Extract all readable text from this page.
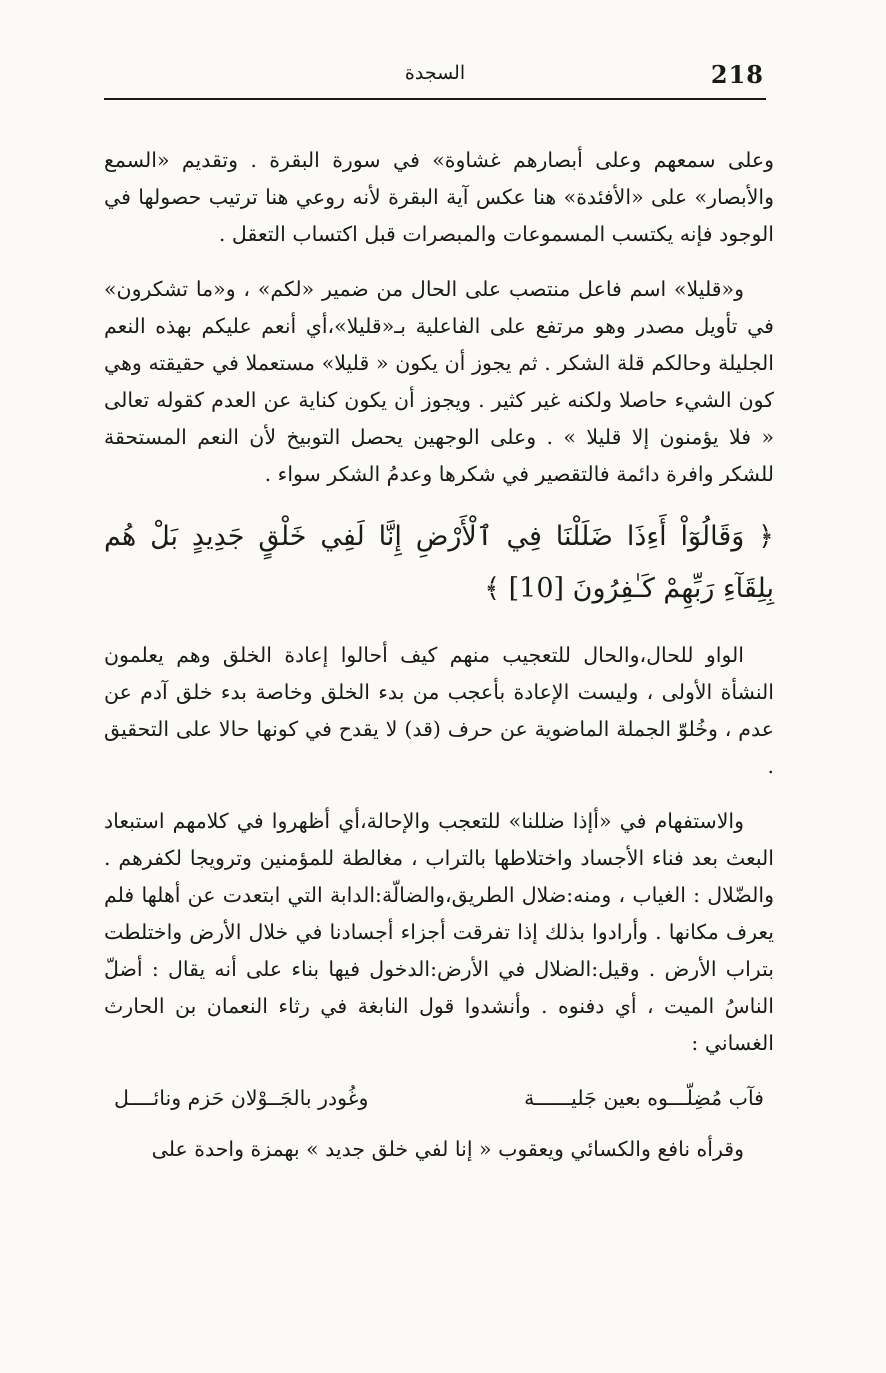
218
السجدة

وعلى سمعهم وعلى أبصارهم غشاوة» في سورة البقرة . وتقديم «السمع والأبصار» على «الأفئدة» هنا عكس آية البقرة لأنه روعي هنا ترتيب حصولها في الوجود فإنه يكتسب المسموعات والمبصرات قبل اكتساب التعقل .

و«قليلا» اسم فاعل منتصب على الحال من ضمير «لكم» ، و«ما تشكرون» في تأويل مصدر وهو مرتفع على الفاعلية بـ«قليلا»،أي أنعم عليكم بهذه النعم الجليلة وحالكم قلة الشكر . ثم يجوز أن يكون « قليلا» مستعملا في حقيقته وهي كون الشيء حاصلا ولكنه غير كثير . ويجوز أن يكون كناية عن العدم كقوله تعالى « فلا يؤمنون إلا قليلا » . وعلى الوجهين يحصل التوبيخ لأن النعم المستحقة للشكر وافرة دائمة فالتقصير في شكرها وعدمُ الشكر سواء .

﴿ وَقَالُوٓاْ أَءِذَا ضَلَلْنَا فِي ٱلْأَرْضِ إِنَّا لَفِي خَلْقٍ جَدِيدٍ بَلْ هُم بِلِقَآءِ رَبِّهِمْ كَـٰفِرُونَ [10] ﴾

الواو للحال،والحال للتعجيب منهم كيف أحالوا إعادة الخلق وهم يعلمون النشأة الأولى ، وليست الإعادة بأعجب من بدء الخلق وخاصة بدء خلق آدم عن عدم ، وخُلوّ الجملة الماضوية عن حرف (قد) لا يقدح في كونها حالا على التحقيق .

والاستفهام في «أإذا ضللنا» للتعجب والإحالة،أي أظهروا في كلامهم استبعاد البعث بعد فناء الأجساد واختلاطها بالتراب ، مغالطة للمؤمنين وترويجا لكفرهم . والضّلال : الغياب ، ومنه:ضلال الطريق،والضالّة:الدابة التي ابتعدت عن أهلها فلم يعرف مكانها . وأرادوا بذلك إذا تفرقت أجزاء أجسادنا في خلال الأرض واختلطت بتراب الأرض . وقيل:الضلال في الأرض:الدخول فيها بناء على أنه يقال : أضلّ الناسُ الميت ، أي دفنوه . وأنشدوا قول النابغة في رثاء النعمان بن الحارث الغساني :

فآب مُضِلّـــوه بعين جَليــــــة
وغُودر بالجَــوْلان حَزم ونائــــل

وقرأه نافع والكسائي ويعقوب « إنا لفي خلق جديد » بهمزة واحدة على
